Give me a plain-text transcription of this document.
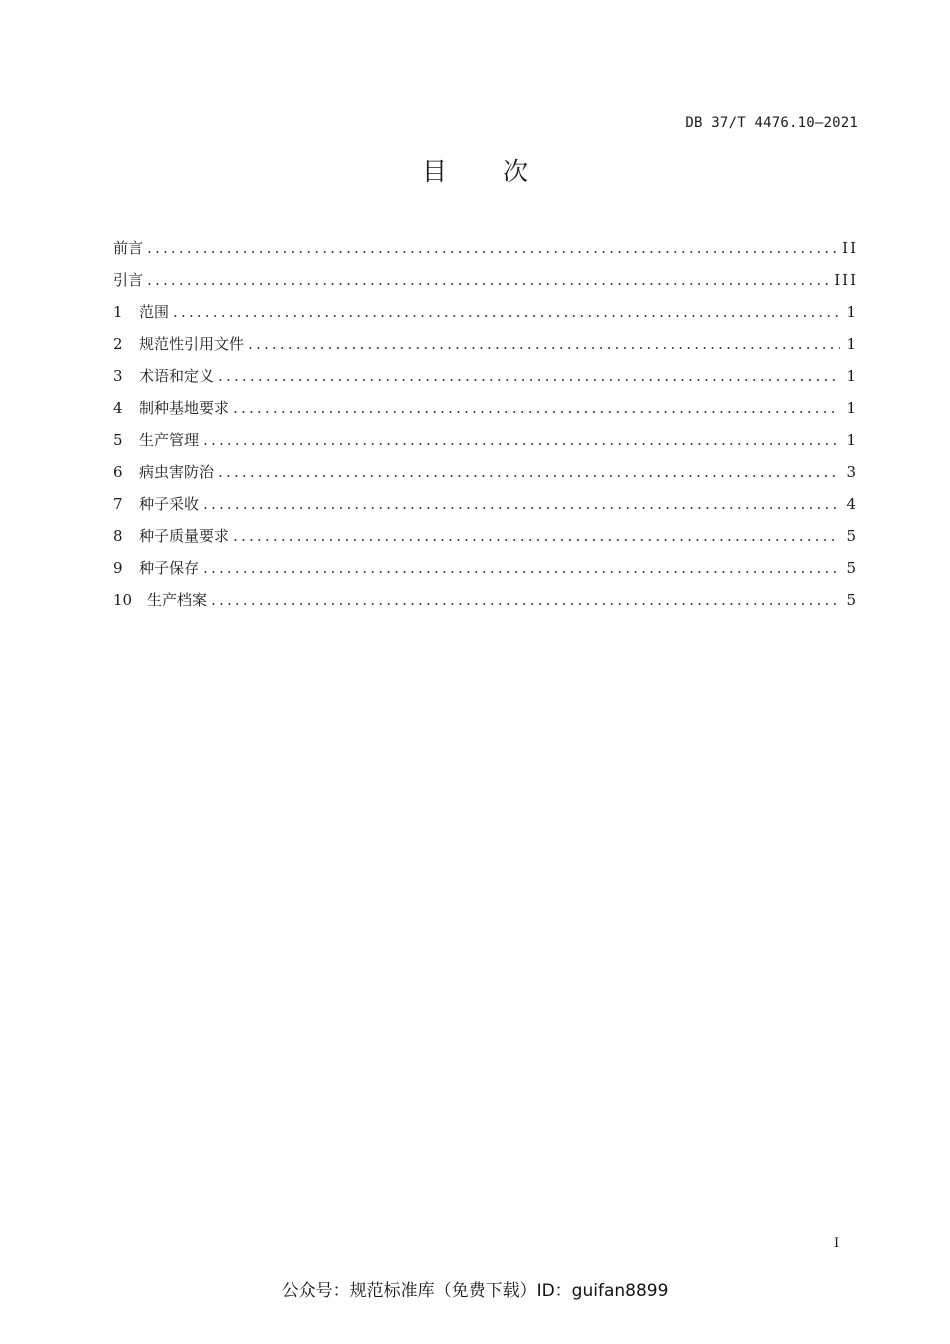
DB 37/T 4476.10—2021
目 次
前言 .....	II
引言 .....	III
1	范围 .....	1
2	规范性引用文件 .....	1
3	术语和定义 .....	1
4	制种基地要求 .....	1
5	生产管理 .....	1
6	病虫害防治 .....	3
7	种子采收 .....	4
8	种子质量要求 .....	5
9	种子保存 .....	5
10 生产档案 .....	5
I
公众号：规范标准库（免费下载）ID：guifan8899
